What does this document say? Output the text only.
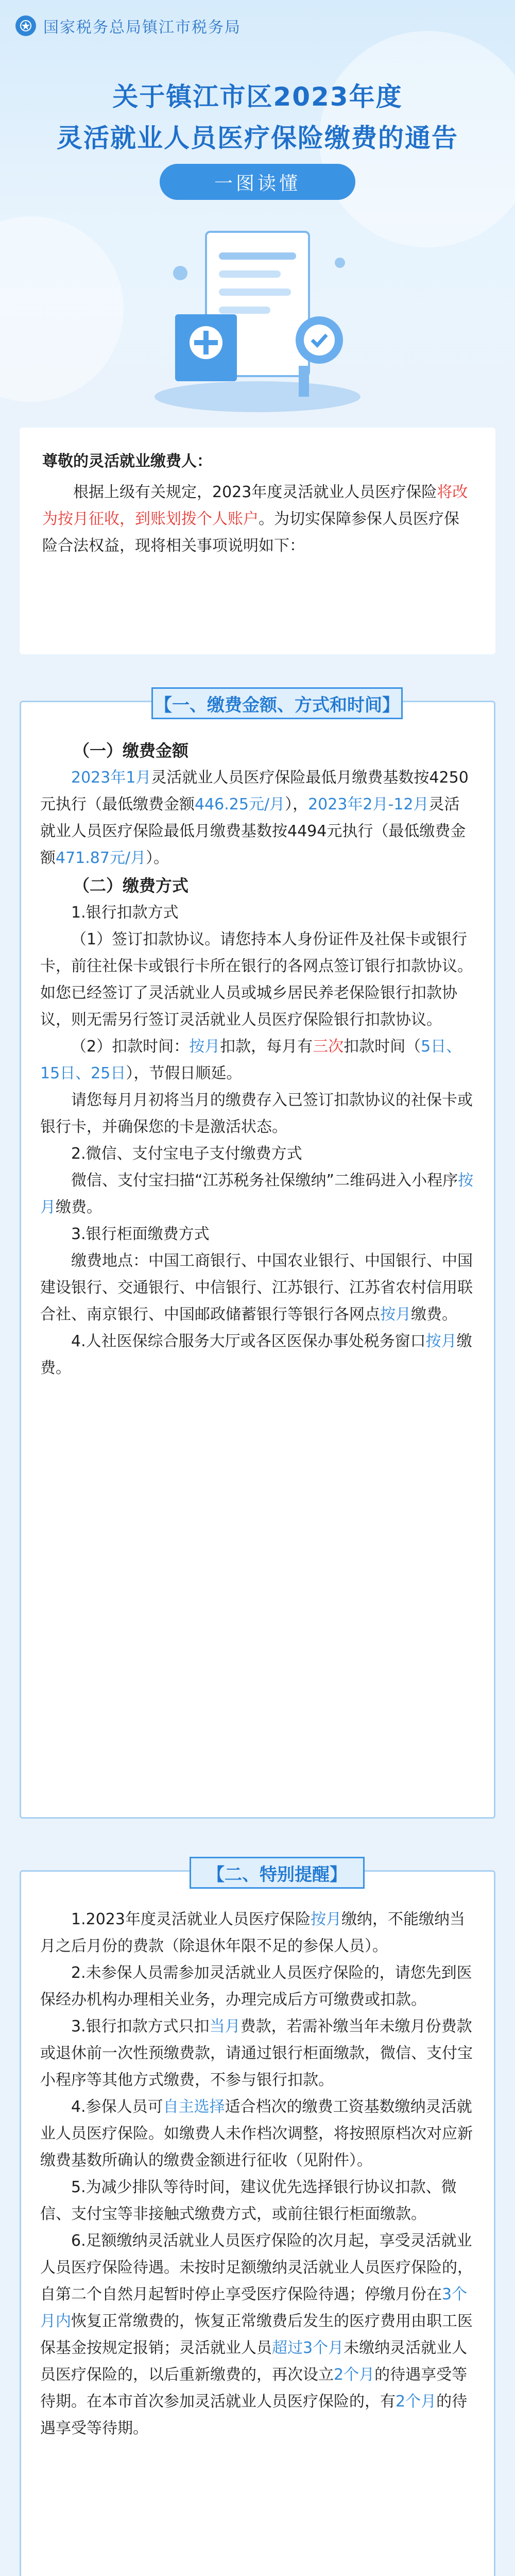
国家税务总局镇江市税务局
关于镇江市区2023年度
灵活就业人员医疗保险缴费的通告
一图读懂
尊敬的灵活就业缴费人：

根据上级有关规定，2023年度灵活就业人员医疗保险将改为按月征收，到账划拨个人账户。为切实保障参保人员医疗保险合法权益，现将相关事项说明如下：

【一、缴费金额、方式和时间】
（一）缴费金额

2023年1月灵活就业人员医疗保险最低月缴费基数按4250元执行（最低缴费金额446.25元/月），2023年2月-12月灵活就业人员医疗保险最低月缴费基数按4494元执行（最低缴费金额471.87元/月）。

（二）缴费方式

1.银行扣款方式

（1）签订扣款协议。请您持本人身份证件及社保卡或银行卡，前往社保卡或银行卡所在银行的各网点签订银行扣款协议。如您已经签订了灵活就业人员或城乡居民养老保险银行扣款协议，则无需另行签订灵活就业人员医疗保险银行扣款协议。

（2）扣款时间：按月扣款，每月有三次扣款时间（5日、15日、25日），节假日顺延。

请您每月月初将当月的缴费存入已签订扣款协议的社保卡或银行卡，并确保您的卡是激活状态。

2.微信、支付宝电子支付缴费方式

微信、支付宝扫描“江苏税务社保缴纳”二维码进入小程序按月缴费。

3.银行柜面缴费方式

缴费地点：中国工商银行、中国农业银行、中国银行、中国建设银行、交通银行、中信银行、江苏银行、江苏省农村信用联合社、南京银行、中国邮政储蓄银行等银行各网点按月缴费。

4.人社医保综合服务大厅或各区医保办事处税务窗口按月缴费。

【二、特别提醒】

1.2023年度灵活就业人员医疗保险按月缴纳，不能缴纳当月之后月份的费款（除退休年限不足的参保人员）。

2.未参保人员需参加灵活就业人员医疗保险的，请您先到医保经办机构办理相关业务，办理完成后方可缴费或扣款。

3.银行扣款方式只扣当月费款，若需补缴当年未缴月份费款或退休前一次性预缴费款，请通过银行柜面缴款，微信、支付宝小程序等其他方式缴费，不参与银行扣款。

4.参保人员可自主选择适合档次的缴费工资基数缴纳灵活就业人员医疗保险。如缴费人未作档次调整，将按照原档次对应新缴费基数所确认的缴费金额进行征收（见附件）。

5.为减少排队等待时间，建议优先选择银行协议扣款、微信、支付宝等非接触式缴费方式，或前往银行柜面缴款。

6.足额缴纳灵活就业人员医疗保险的次月起，享受灵活就业人员医疗保险待遇。未按时足额缴纳灵活就业人员医疗保险的，自第二个自然月起暂时停止享受医疗保险待遇；停缴月份在3个月内恢复正常缴费的，恢复正常缴费后发生的医疗费用由职工医保基金按规定报销；灵活就业人员超过3个月未缴纳灵活就业人员医疗保险的，以后重新缴费的，再次设立2个月的待遇享受等待期。在本市首次参加灵活就业人员医疗保险的，有2个月的待遇享受等待期。
